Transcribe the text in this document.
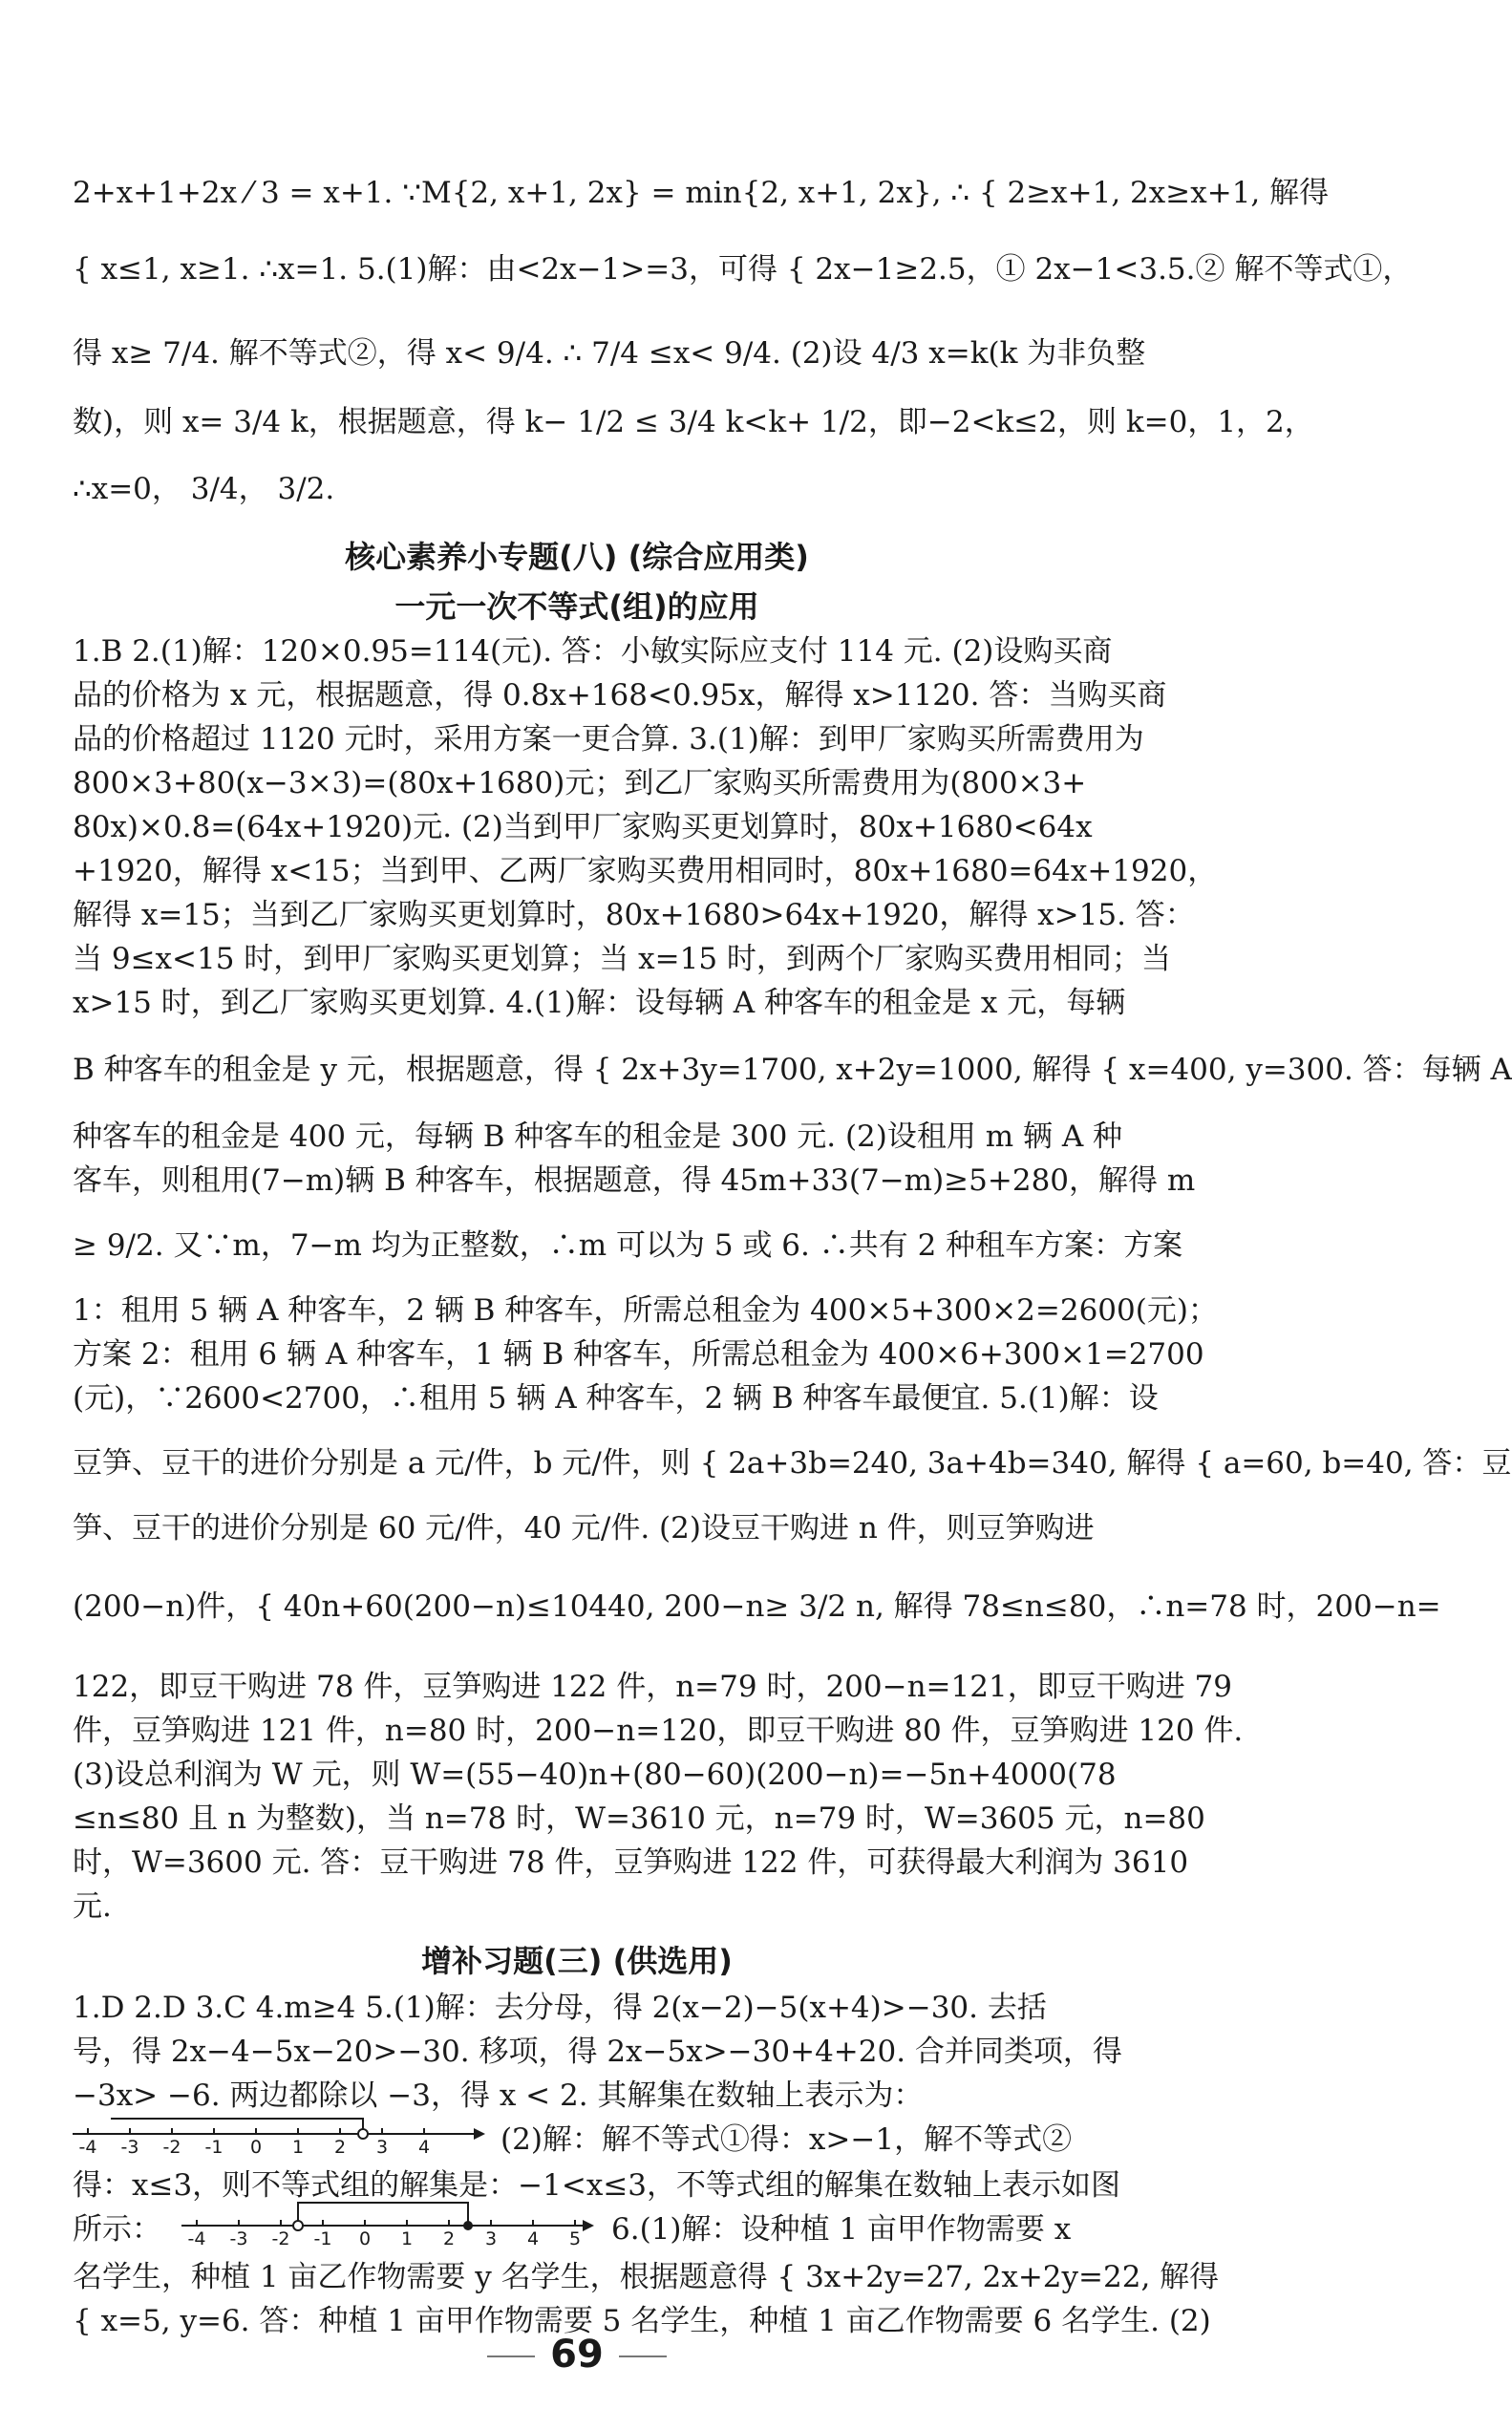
2+x+1+2x ⁄ 3 = x+1. ∵M{2, x+1, 2x} = min{2, x+1, 2x}, ∴ { 2≥x+1, 2x≥x+1, 解得
{ x≤1, x≥1. ∴x=1. 5.(1)解：由<2x−1>=3，可得 { 2x−1≥2.5，① 2x−1<3.5.② 解不等式①，
得 x≥ 7/4. 解不等式②，得 x< 9/4. ∴ 7/4 ≤x< 9/4. (2)设 4/3 x=k(k 为非负整
数)，则 x= 3/4 k，根据题意，得 k− 1/2 ≤ 3/4 k<k+ 1/2，即−2<k≤2，则 k=0，1，2，
∴x=0， 3/4， 3/2.
核心素养小专题(八) (综合应用类)
一元一次不等式(组)的应用
1.B 2.(1)解：120×0.95=114(元). 答：小敏实际应支付 114 元. (2)设购买商
品的价格为 x 元，根据题意，得 0.8x+168<0.95x，解得 x>1120. 答：当购买商
品的价格超过 1120 元时，采用方案一更合算. 3.(1)解：到甲厂家购买所需费用为
800×3+80(x−3×3)=(80x+1680)元；到乙厂家购买所需费用为(800×3+
80x)×0.8=(64x+1920)元. (2)当到甲厂家购买更划算时，80x+1680<64x
+1920，解得 x<15；当到甲、乙两厂家购买费用相同时，80x+1680=64x+1920，
解得 x=15；当到乙厂家购买更划算时，80x+1680>64x+1920，解得 x>15. 答：
当 9≤x<15 时，到甲厂家购买更划算；当 x=15 时，到两个厂家购买费用相同；当
x>15 时，到乙厂家购买更划算. 4.(1)解：设每辆 A 种客车的租金是 x 元，每辆
B 种客车的租金是 y 元，根据题意，得 { 2x+3y=1700, x+2y=1000, 解得 { x=400, y=300. 答：每辆 A
种客车的租金是 400 元，每辆 B 种客车的租金是 300 元. (2)设租用 m 辆 A 种
客车，则租用(7−m)辆 B 种客车，根据题意，得 45m+33(7−m)≥5+280，解得 m
≥ 9/2. 又∵m，7−m 均为正整数，∴m 可以为 5 或 6. ∴共有 2 种租车方案：方案
1：租用 5 辆 A 种客车，2 辆 B 种客车，所需总租金为 400×5+300×2=2600(元)；
方案 2：租用 6 辆 A 种客车，1 辆 B 种客车，所需总租金为 400×6+300×1=2700
(元)，∵2600<2700，∴租用 5 辆 A 种客车，2 辆 B 种客车最便宜. 5.(1)解：设
豆笋、豆干的进价分别是 a 元/件，b 元/件，则 { 2a+3b=240, 3a+4b=340, 解得 { a=60, b=40, 答：豆
笋、豆干的进价分别是 60 元/件，40 元/件. (2)设豆干购进 n 件，则豆笋购进
(200−n)件，{ 40n+60(200−n)≤10440, 200−n≥ 3/2 n, 解得 78≤n≤80，∴n=78 时，200−n=
122，即豆干购进 78 件，豆笋购进 122 件，n=79 时，200−n=121，即豆干购进 79
件，豆笋购进 121 件，n=80 时，200−n=120，即豆干购进 80 件，豆笋购进 120 件.
(3)设总利润为 W 元，则 W=(55−40)n+(80−60)(200−n)=−5n+4000(78
≤n≤80 且 n 为整数)，当 n=78 时，W=3610 元，n=79 时，W=3605 元，n=80
时，W=3600 元. 答：豆干购进 78 件，豆笋购进 122 件，可获得最大利润为 3610
元.
增补习题(三) (供选用)
1.D 2.D 3.C 4.m≥4 5.(1)解：去分母，得 2(x−2)−5(x+4)>−30. 去括
号，得 2x−4−5x−20>−30. 移项，得 2x−5x>−30+4+20. 合并同类项，得
−3x> −6. 两边都除以 −3，得 x < 2. 其解集在数轴上表示为：
-4 -3 -2 -1 0 1 2 3 4 (2)解：解不等式①得：x>−1，解不等式②
得：x≤3，则不等式组的解集是：−1<x≤3，不等式组的解集在数轴上表示如图
所示：	-4 -3 -2 -1 0 1 2 3 4 5 6.(1)解：设种植 1 亩甲作物需要 x
名学生，种植 1 亩乙作物需要 y 名学生，根据题意得 { 3x+2y=27, 2x+2y=22, 解得
{ x=5, y=6. 答：种植 1 亩甲作物需要 5 名学生，种植 1 亩乙作物需要 6 名学生. (2)
69
